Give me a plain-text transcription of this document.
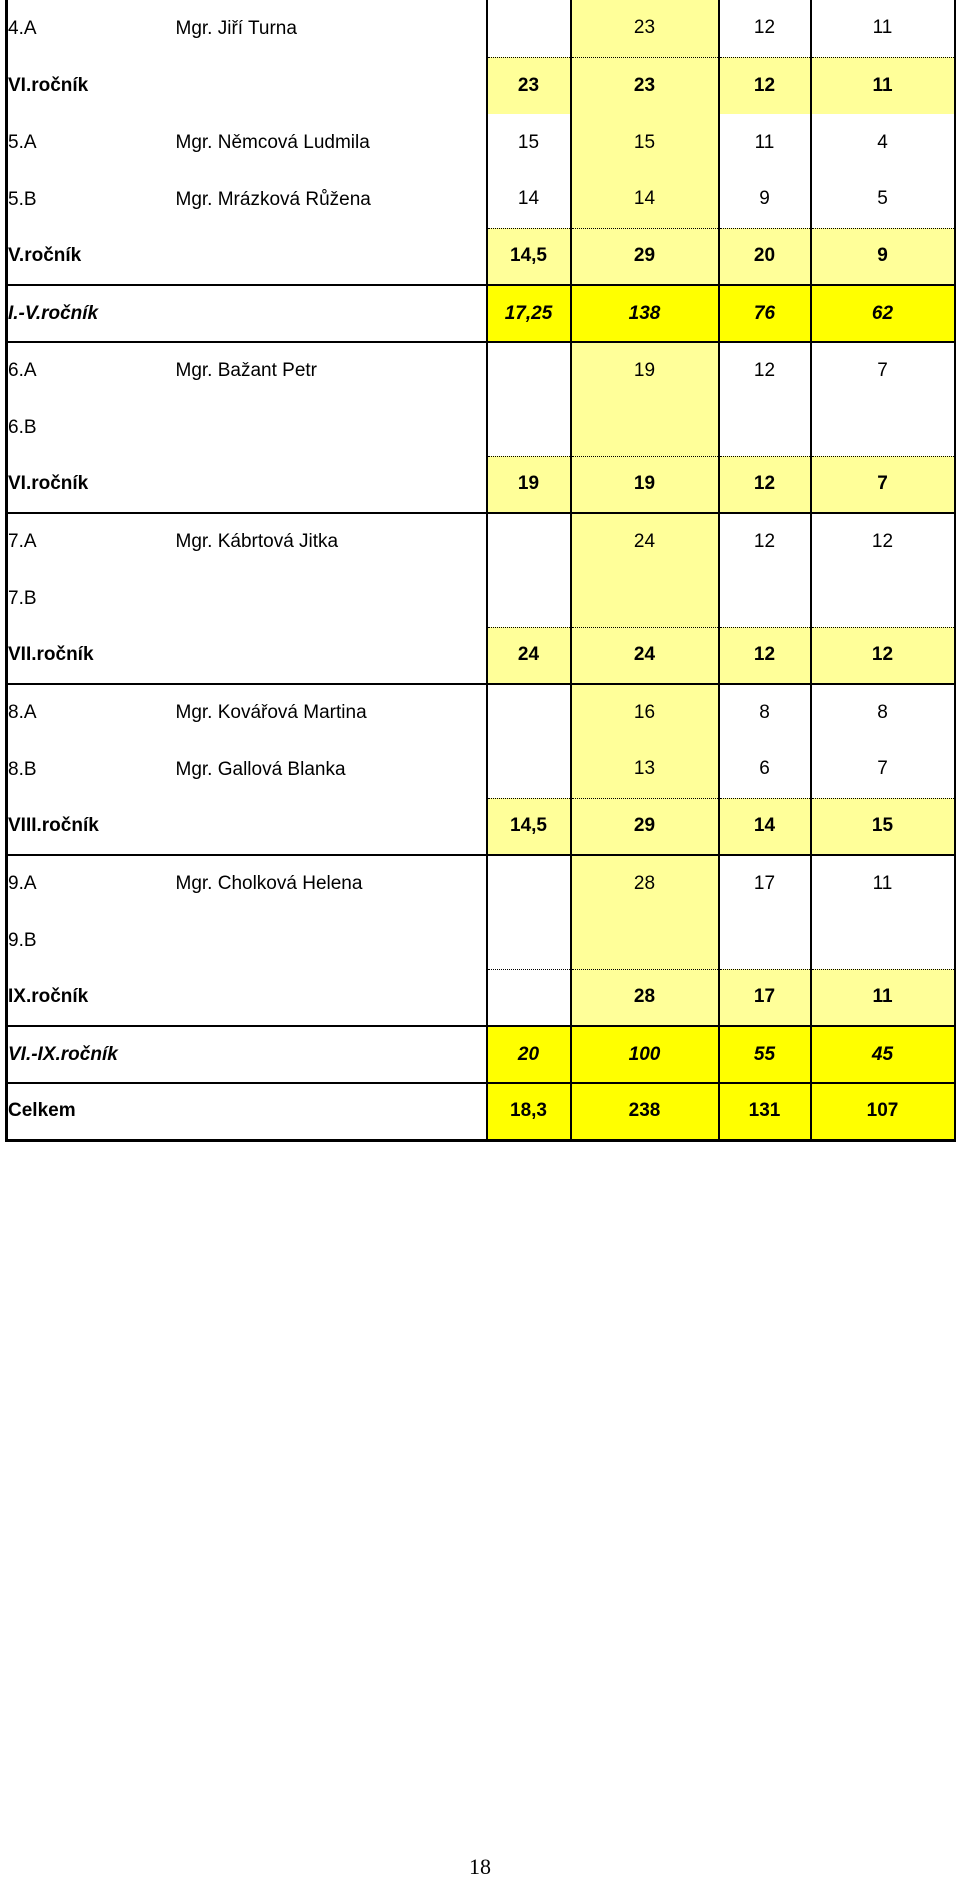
4.A	Mgr. Jiří Turna		23	12	11
VI.ročník		23	23	12	11
5.A	Mgr. Němcová Ludmila	15	15	11	4
5.B	Mgr. Mrázková Růžena	14	14	9	5
V.ročník		14,5	29	20	9
I.-V.ročník		17,25	138	76	62
6.A	Mgr. Bažant Petr		19	12	7
6.B					
VI.ročník		19	19	12	7
7.A	Mgr. Kábrtová Jitka		24	12	12
7.B					
VII.ročník		24	24	12	12
8.A	Mgr. Kovářová Martina		16	8	8
8.B	Mgr. Gallová Blanka		13	6	7
VIII.ročník		14,5	29	14	15
9.A	Mgr. Cholková Helena		28	17	11
9.B					
IX.ročník			28	17	11
VI.-IX.ročník		20	100	55	45
Celkem		18,3	238	131	107
18
